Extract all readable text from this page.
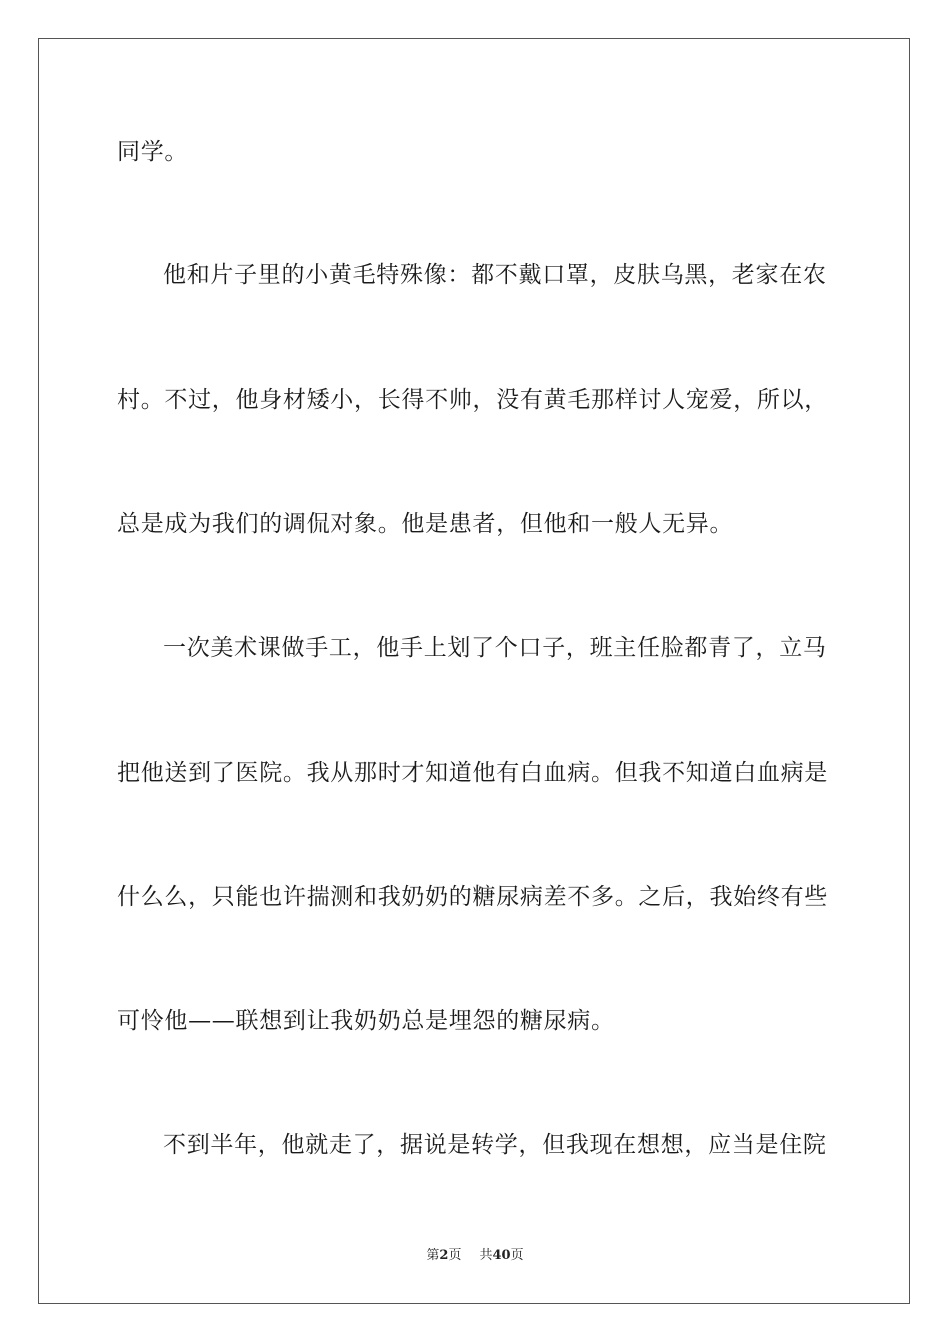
同学。
他和片子里的小黄毛特殊像：都不戴口罩，皮肤乌黑，老家在农
村。不过，他身材矮小，长得不帅，没有黄毛那样讨人宠爱，所以，
总是成为我们的调侃对象。他是患者，但他和一般人无异。
一次美术课做手工，他手上划了个口子，班主任脸都青了，立马
把他送到了医院。我从那时才知道他有白血病。但我不知道白血病是
什么么，只能也许揣测和我奶奶的糖尿病差不多。之后，我始终有些
可怜他——联想到让我奶奶总是埋怨的糖尿病。
不到半年，他就走了，据说是转学，但我现在想想，应当是住院
第2页 共40页
